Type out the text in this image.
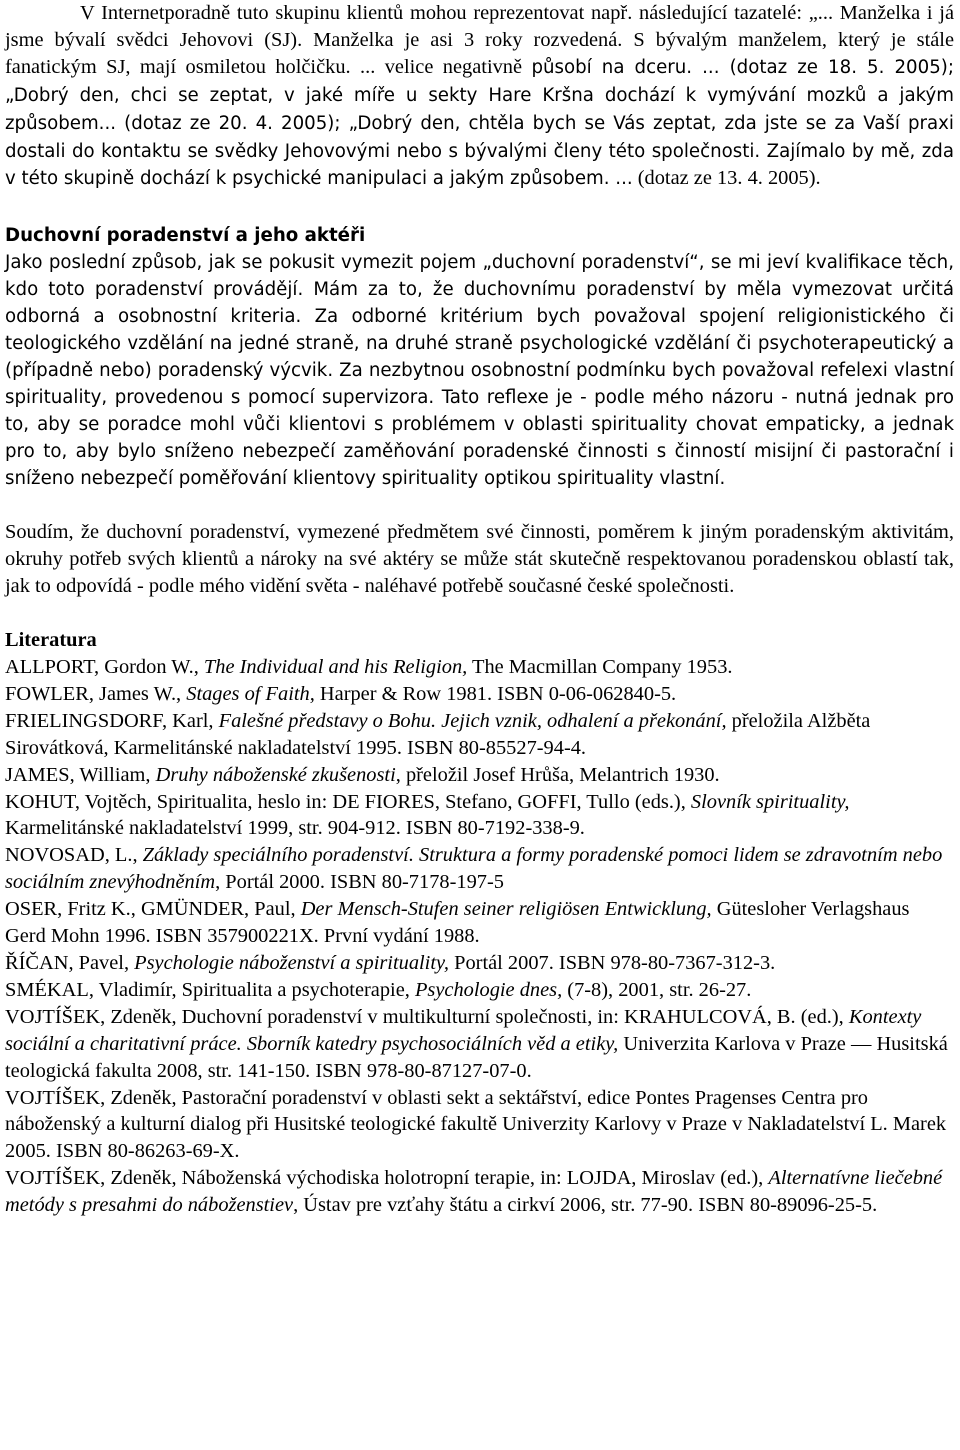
V Internetporadně tuto skupinu klientů mohou reprezentovat např. následující tazatelé: „... Manželka i já jsme bývalí svědci Jehovovi (SJ). Manželka je asi 3 roky rozvedená. S bývalým manželem, který je stále fanatickým SJ, mají osmiletou holčičku. ... velice negativně působí na dceru. ... (dotaz ze 18. 5. 2005); „Dobrý den, chci se zeptat, v jaké míře u sekty Hare Kršna dochází k vymývání mozků a jakým způsobem... (dotaz ze 20. 4. 2005); „Dobrý den, chtěla bych se Vás zeptat, zda jste se za Vaší praxi dostali do kontaktu se svědky Jehovovými nebo s bývalými členy této společnosti. Zajímalo by mě, zda v této skupině dochází k psychické manipulaci a jakým způsobem. ... (dotaz ze 13. 4. 2005).

Duchovní poradenství a jeho aktéři

Jako poslední způsob, jak se pokusit vymezit pojem „duchovní poradenství“, se mi jeví kvalifikace těch, kdo toto poradenství provádějí. Mám za to, že duchovnímu poradenství by měla vymezovat určitá odborná a osobnostní kriteria. Za odborné kritérium bych považoval spojení religionistického či teologického vzdělání na jedné straně, na druhé straně psychologické vzdělání či psychoterapeutický a (případně nebo) poradenský výcvik. Za nezbytnou osobnostní podmínku bych považoval refelexi vlastní spirituality, provedenou s pomocí supervizora. Tato reflexe je - podle mého názoru - nutná jednak pro to, aby se poradce mohl vůči klientovi s problémem v oblasti spirituality chovat empaticky, a jednak pro to, aby bylo sníženo nebezpečí zaměňování poradenské činnosti s činností misijní či pastorační i sníženo nebezpečí poměřování klientovy spirituality optikou spirituality vlastní.

Soudím, že duchovní poradenství, vymezené předmětem své činnosti, poměrem k jiným poradenským aktivitám, okruhy potřeb svých klientů a nároky na své aktéry se může stát skutečně respektovanou poradenskou oblastí tak, jak to odpovídá - podle mého vidění světa - naléhavé potřebě současné české společnosti.

Literatura

ALLPORT, Gordon W., The Individual and his Religion, The Macmillan Company 1953.

FOWLER, James W., Stages of Faith, Harper & Row 1981. ISBN 0-06-062840-5.

FRIELINGSDORF, Karl, Falešné představy o Bohu. Jejich vznik, odhalení a překonání, přeložila Alžběta Sirovátková, Karmelitánské nakladatelství 1995. ISBN 80-85527-94-4.

JAMES, William, Druhy náboženské zkušenosti, přeložil Josef Hrůša, Melantrich 1930.

KOHUT, Vojtěch, Spiritualita, heslo in: DE FIORES, Stefano, GOFFI, Tullo (eds.), Slovník spirituality, Karmelitánské nakladatelství 1999, str. 904-912. ISBN 80-7192-338-9.

NOVOSAD, L., Základy speciálního poradenství. Struktura a formy poradenské pomoci lidem se zdravotním nebo sociálním znevýhodněním, Portál 2000. ISBN 80-7178-197-5

OSER, Fritz K., GMÜNDER, Paul, Der Mensch-Stufen seiner religiösen Entwicklung, Gütesloher Verlagshaus Gerd Mohn 1996. ISBN 357900221X. První vydání 1988.

ŘÍČAN, Pavel, Psychologie náboženství a spirituality, Portál 2007. ISBN 978-80-7367-312-3.

SMÉKAL, Vladimír, Spiritualita a psychoterapie, Psychologie dnes, (7-8), 2001, str. 26-27.

VOJTÍŠEK, Zdeněk, Duchovní poradenství v multikulturní společnosti, in: KRAHULCOVÁ, B. (ed.), Kontexty sociální a charitativní práce. Sborník katedry psychosociálních věd a etiky, Univerzita Karlova v Praze — Husitská teologická fakulta 2008, str. 141-150. ISBN 978-80-87127-07-0.

VOJTÍŠEK, Zdeněk, Pastorační poradenství v oblasti sekt a sektářství, edice Pontes Pragenses Centra pro náboženský a kulturní dialog při Husitské teologické fakultě Univerzity Karlovy v Praze v Nakladatelství L. Marek 2005. ISBN 80-86263-69-X.

VOJTÍŠEK, Zdeněk, Náboženská východiska holotropní terapie, in: LOJDA, Miroslav (ed.), Alternatívne liečebné metódy s presahmi do náboženstiev, Ústav pre vzťahy štátu a cirkví 2006, str. 77-90. ISBN 80-89096-25-5.
